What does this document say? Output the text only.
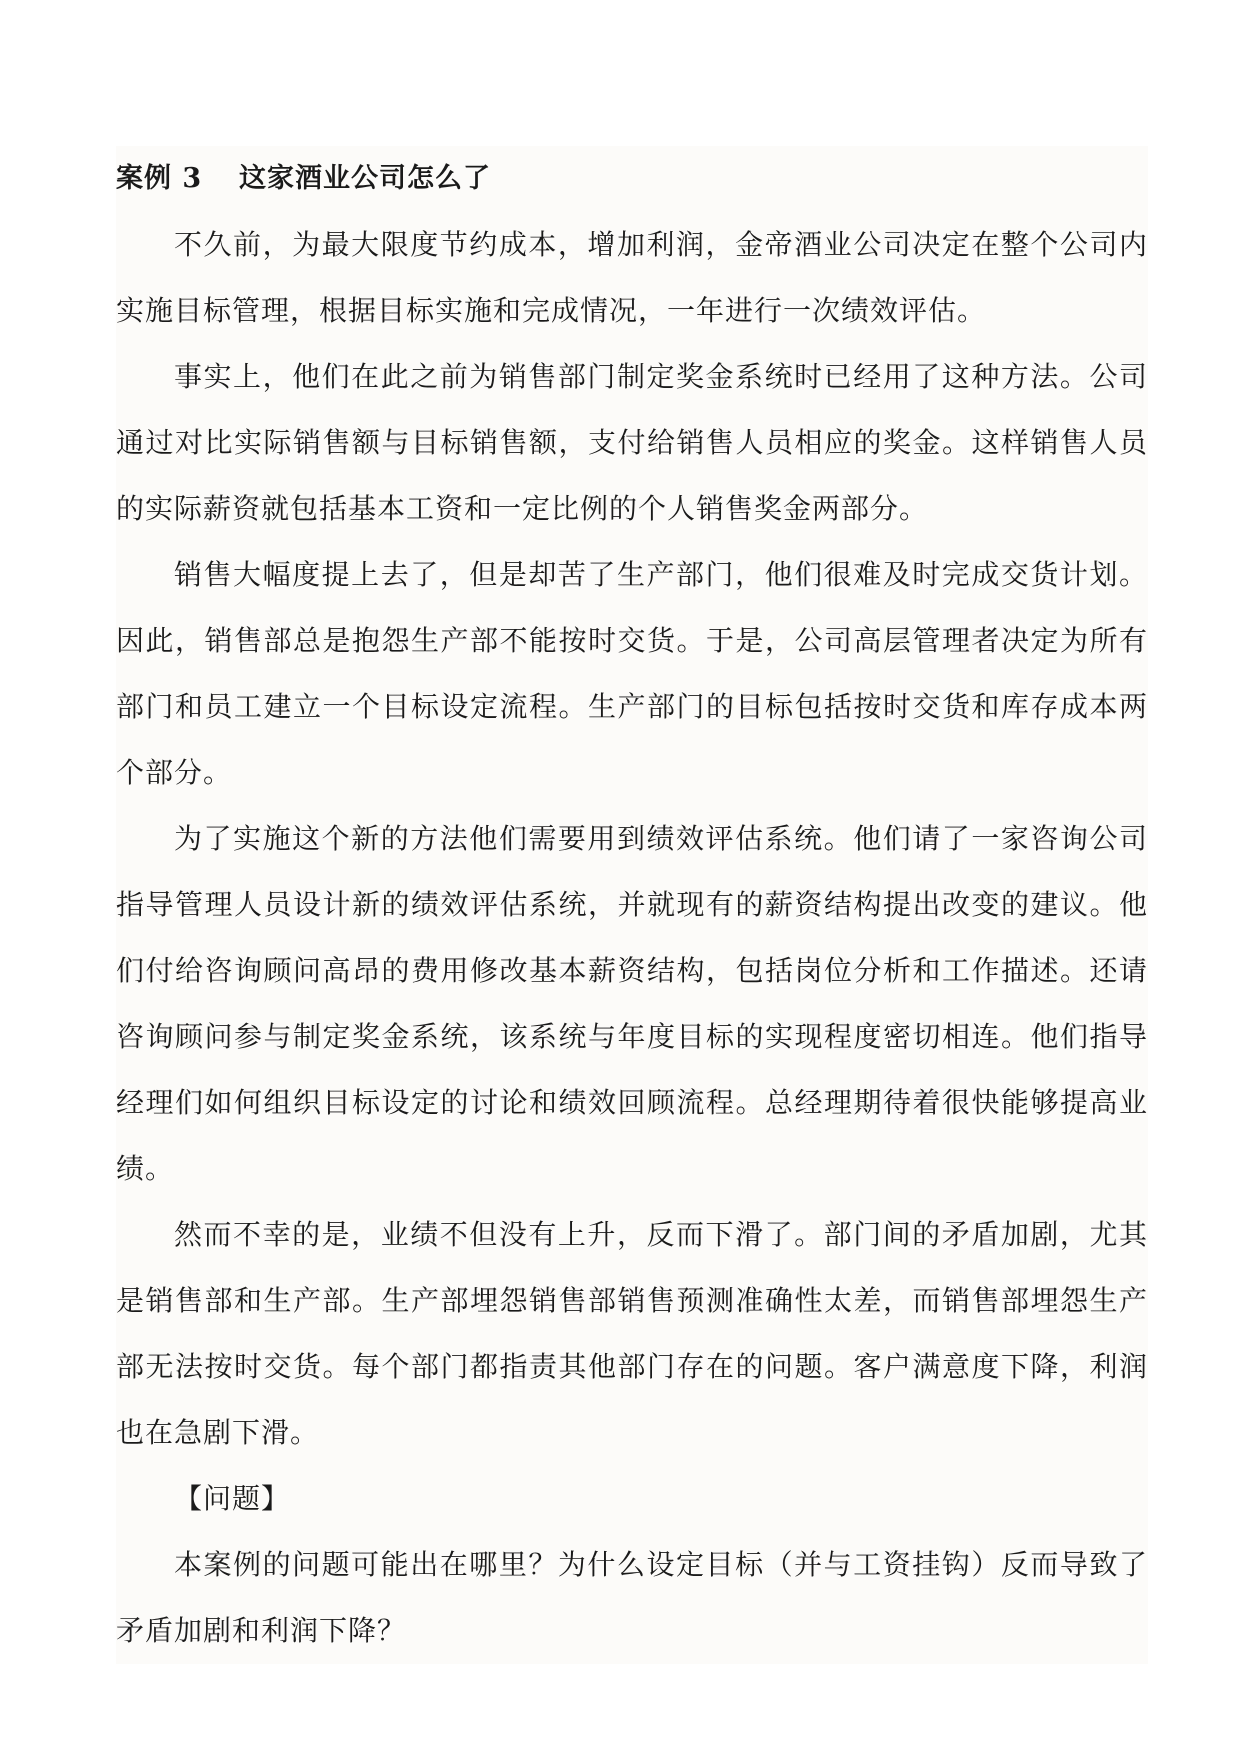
案例 3 这家酒业公司怎么了

不久前，为最大限度节约成本，增加利润，金帝酒业公司决定在整个公司内实施目标管理，根据目标实施和完成情况，一年进行一次绩效评估。

事实上，他们在此之前为销售部门制定奖金系统时已经用了这种方法。公司通过对比实际销售额与目标销售额，支付给销售人员相应的奖金。这样销售人员的实际薪资就包括基本工资和一定比例的个人销售奖金两部分。

销售大幅度提上去了，但是却苦了生产部门，他们很难及时完成交货计划。因此，销售部总是抱怨生产部不能按时交货。于是，公司高层管理者决定为所有部门和员工建立一个目标设定流程。生产部门的目标包括按时交货和库存成本两个部分。

为了实施这个新的方法他们需要用到绩效评估系统。他们请了一家咨询公司指导管理人员设计新的绩效评估系统，并就现有的薪资结构提出改变的建议。他们付给咨询顾问高昂的费用修改基本薪资结构，包括岗位分析和工作描述。还请咨询顾问参与制定奖金系统，该系统与年度目标的实现程度密切相连。他们指导经理们如何组织目标设定的讨论和绩效回顾流程。总经理期待着很快能够提高业绩。

然而不幸的是，业绩不但没有上升，反而下滑了。部门间的矛盾加剧，尤其是销售部和生产部。生产部埋怨销售部销售预测准确性太差，而销售部埋怨生产部无法按时交货。每个部门都指责其他部门存在的问题。客户满意度下降，利润也在急剧下滑。

【问题】

本案例的问题可能出在哪里？为什么设定目标（并与工资挂钩）反而导致了矛盾加剧和利润下降？
